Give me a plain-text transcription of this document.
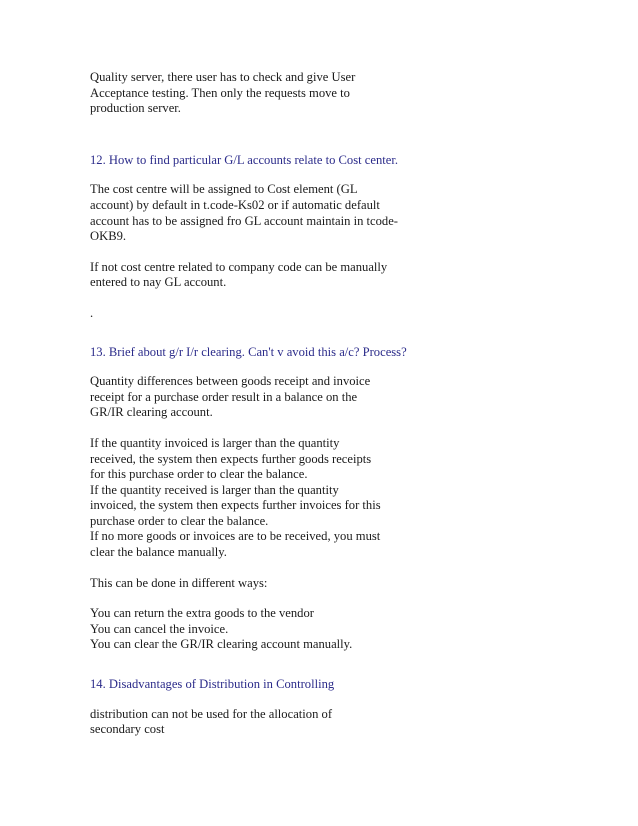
Quality server, there user has to check and give User
Acceptance testing. Then only the requests move to
production server.
12. How to find particular G/L accounts relate to Cost center.
The cost centre will be assigned to Cost element (GL
account) by default in t.code-Ks02 or if automatic default
account has to be assigned fro GL account maintain in tcode-
OKB9.
If not cost centre related to company code can be manually
entered to nay GL account.
.
13. Brief about g/r I/r clearing. Can't v avoid this a/c? Process?
Quantity differences between goods receipt and invoice
receipt for a purchase order result in a balance on the
GR/IR clearing account.
If the quantity invoiced is larger than the quantity
received, the system then expects further goods receipts
for this purchase order to clear the balance.
If the quantity received is larger than the quantity
invoiced, the system then expects further invoices for this
purchase order to clear the balance.
If no more goods or invoices are to be received, you must
clear the balance manually.
This can be done in different ways:
You can return the extra goods to the vendor
You can cancel the invoice.
You can clear the GR/IR clearing account manually.
14. Disadvantages of Distribution in Controlling
distribution can not be used for the allocation of
secondary cost
